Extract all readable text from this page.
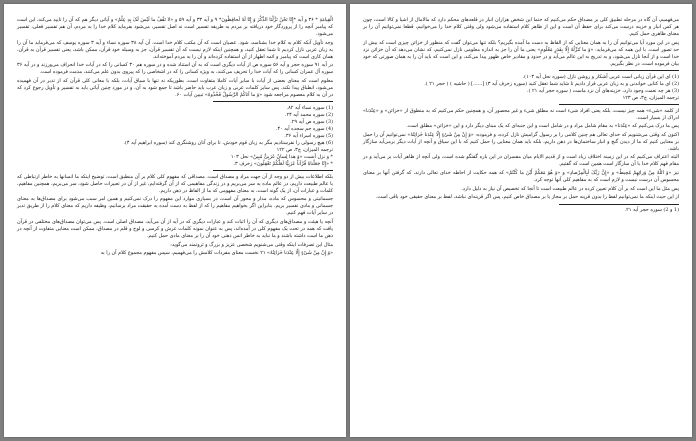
الْقِیامَةِ * ۳۶ و آیه *إِنّا نَحْنُ نَزَّلْنَا الذِّکْرَ وَ إِنّا لَهُ لَحافِظُونَ* ۹ و آیه ۳۳ و آیه ۵۹ و «لا تَقْفُ ما لَیْسَ لَکَ بِهِ عِلْمٌ» و آیاتی دیگر هم که آن را تایید می‌کند، این است که پیامبر آنچه را از پروردگار خود دریافته بر مردم به طریقه تفسیر است نه اصل تفسیر، می‌شود بفرماید کلام خدا را به مردم، آن هم تفسیر فعلی، تفسیر می‌شود.

وجه تأویل آنکه کلام به کلام خدا بشناسد، شود. عصیان است که آن مکتب کلام خدا است. آن آیه ۳۸ سوره نساء و آیه ۳ سوره یوسف که می‌فرماید ما آن را به زبان عربی نازل کردیم تا شما تعقل کنید، و همچنین اینکه لازم نیست که آن تفسیر قرآن، جز به وسیله خود قرآن، ممکن باشد، یعنی تفسیر قرآن به قرآن، همان کاری است که پیامبر و ائمه اطهار از آن استفاده کرده‌اند و آن را به مردم آموخته‌اند.

در آیه ۹۱ سوره حجر و آیه ۵۶ سوره ص از آیات دیگری است که به آن استناد شده و در سوره هم ۳۰ کسانی را که در آیات خدا انحراف می‌ورزند و در آیه ۳۶ سوره آل عمران کسانی را که آیات خدا را تحریف می‌کنند، به ویژه کسانی را که در اشخاصی را که پیروی بدون علم می‌کنند، مذمت فرموده است.

معلوم است که معنای بعضی از آیات با سایر آیات کاملا متفاوت است، بطوریکه نه تنها با سیاق آیات، بلکه با معانی کلی قرآن که از تدبر در آن فهمیده می‌شود، انطباق پیدا نکند. پس سایر کلمات عربی و زبان عرب باید حاضر باشد تا جمع شود به آن، و در مورد چنین آیاتی باید به تفسیر و تأویل رجوع کرد که در آن به کلام معصوم مراجعه شود «وَ ما آتاکُمُ الرَّسُولُ فَخُذُوهُ» تبیین آیات ۶۰.

(1) سوره نساء آیه ۸۲.

(2) سوره محمد آیه ۲۴.

(3) سوره ص آیه ۲۹.

(4) سوره حم سجده آیه ۴۰.

(5) سوره اسراء آیه ۳۶.

(6) هیچ رسولی را نفرستادیم مگر به زبان قوم خودش، تا برای آنان روشنگری کند (سوره ابراهیم آیه ۴).

ترجمه المیزان، ج۳، ص ۱۲۲

* و نزل آنست «وَ هذا لِسانٌ عَرَبِیٌّ مُبِینٌ» نحل ۱۰۳

* «إِنّا جَعَلْناهُ قُرْآناً عَرَبِیًّا لَعَلَّکُمْ تَعْقِلُونَ» زخرف ۳.

بلکه اطلاعات بیش از دو وجه از آن جهت مراد و مصداق است. مصداقی که مفهوم کلی کلام بر آن منطبق است، توضیح اینکه ما انسانها به خاطر ارتباطی که با عالم طبیعت داریم، در عالم ماده به سر می‌بریم و در زندگی مفاهیمی که از آن گرفته‌ایم، غیر از آن در تعبیرات حاصل شود، سر می‌بریم، همچنین مفاهیم، کلمات و عبارات آن، از یک گونه است، به معنای مفهومی که ما از الفاظ در ذهن داریم.

جسمانیتی و محسوس که ماده، مدار و محور آن است، در بسیاری موارد این مفهوم را درک نمی‌کنیم و همین امر سبب می‌شود برای مصداق‌ها به معنای جسمانی و مادی تفسیر بریم. بنابراین اگر بخواهیم مفاهیم را که از لفظ به دست آمده به حقیقت مراد برسانیم، وظیفه داریم که معنای کلام را از طریق تدبر در سایر آیات فهم کنیم.

آنچه یا هیئت و مصداق‌های دیگری که آن را اثبات کند و عبارات دیگری که در آیه از آن می‌آید، مصداق اصلی است. پس می‌توان مصداق‌های مختلفی در قرآن یافت که همه در تحت یک مفهوم کلی در آمده‌اند، پس به عنوان نمونه کلمات عرش و کرسی و لوح و قلم در مصداق، ممکن است معنایی متفاوت از آنچه در ذهن ما است داشته باشند و ما نباید به خاطر انس ذهنی خود آن را بر معنای مادی حمل کنیم.

مثال این تصرفات اینکه وقتی می‌شنویم شخصی عزیز و بزرگ و ثروتمند می‌گوید:

«وَ إِنْ مِنْ شَیْءٍ إِلّا عِنْدَنا خَزائِنُهُ» ۲۱ نخست معنای مفردات کلامش را می‌فهمیم، سپس مفهوم مجموع کلام آن را به

می‌فهمیم، آن گاه در مرحله تطبیق کلی بر مصداق حکم می‌کنیم که حتما این شخص هزاران انبار در قلعه‌های محکم دارد که مالامال از اشیا و کالا است، چون هر کس انبار و خزینه درست می‌کند برای حفظ آن است و این از ظاهر کلام استفاده می‌شود ولی وقتی کلام خدا را می‌خوانیم، قطعا نمی‌توانیم آن را بر معنای ظاهری حمل کنیم.

پس در این مورد آیا می‌توانیم آن را به همان معنایی که از الفاظ به دست ما آمده بگیریم؟ بلکه تنها می‌توان گفت که منظور از خزائن چیزی است که بیش از حد تصور است. با این همه که می‌فرماید: «وَ ما نُنَزِّلُهُ إِلّا بِقَدَرٍ مَعْلُومٍ» یعنی ما آن را جز به اندازه معلومی نازل نمی‌کنیم، که نشان می‌دهد که آن خزائن نزد خدا است و از آنجا نازل می‌شود، و به تدریج به این عالم می‌آید و در حدود و مقادیر خاص ظهور پیدا می‌کند، و این است که باید آن را به همان صورتی که خود بیان فرموده است، در نظر بگیریم.

(1) ای این قرآن زبانی است عربی آشکار و روشن نازل (سوره نحل آیه ۱۰۳).

(2) ای ما کتابی خواندنی و به زبان عربی قرار دادیم تا شاید شما تعقل کنید (سوره زخرف آیه ۳) [......] ( حاشیه ) ( حجر ۲۱ ).

(3) هر چه نعمت وجود دارد، خزینه‌های آن نزد ماست ( سوره حجر آیه ۲۱ ).

ترجمه المیزان، ج۳، ص ۱۲۳

از کلمه «شیء» همه چیز نیست، بلکه یعنی افراد شیء است نه مطلق شیء و غیر محصور آن، و همچنین حکم می‌کنیم که به منطوق از «خزائن» و «عِنْدَنا» ادراک از بسیار است.

پس ما درک می‌کنیم که «عِنْدَنا» به مقام شامل مراد و در شامل است و این جنبه‌ای که یک مبنای دیگر دارد و این «خزائن» مطلق است.

اکنون که وقتی می‌شنویم که خدای تعالی هم چنین کلامی را بر رسول گرامیش نازل کرده، و فرموده: «وَ إِنْ مِنْ شَیْءٍ إِلّا عِنْدَنا خَزائِنُهُ» نمی‌توانیم آن را حمل بر معنایی کنیم که ما از دیدن گنج و انبار ساختمان‌ها در ذهن داریم، بلکه باید همان معنایی را حمل کنیم که با این سیاق و آنچه از آیات دیگر برمی‌آید سازگار باشد.

البته اعتراف می‌کنیم که در این زمینه اختلاف زیاد است و از قدیم الایام میان مفسران در این باره گفتگو شده است، ولی آنچه از ظاهر آیات بر می‌آید و در مقام فهم کلام خدا با آن سازگار است همین است که گفتیم.

نیز «وَ اللّهُ مِنْ وَرائِهِمْ مُحِیطٌ» و «إِنَّ رَبَّکَ لَبِالْمِرْصادِ» و «وَ هُوَ مَعَکُمْ أَیْنَ ما کُنْتُمْ» که همه حکایت از احاطه خدای تعالی دارند، که گرفتن آنها بر معنای محسوس آن درست نیست و لازم است که به مفاهیم کلی آنها توجه کرد.

پس مثل ما این است که بر آن کلام تعیین کرده در عالم طبیعت است تا آنجا که تخصیص آن نیاز به دلیل دارد.

از این حیث اینکه ما نمی‌توانیم لفظ را بدون قرینه حمل بر مجاز یا بر مصداق خاص کنیم، پس اگر قرینه‌ای نباشد، لفظ بر معنای حقیقی خود باقی است.

(1 و 2) سوره حجر آیه ۲۱.
